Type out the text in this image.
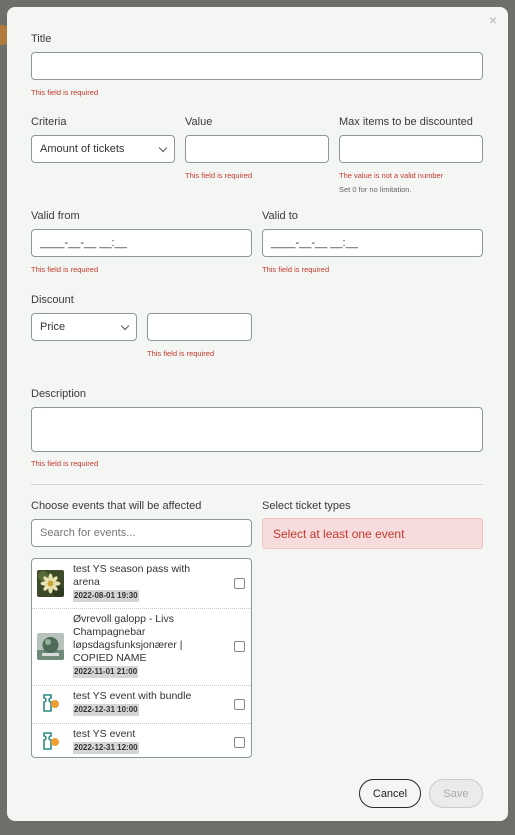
×
Title
This field is required
Criteria
Amount of tickets
Value
This field is required
Max items to be discounted
The value is not a valid number
Set 0 for no limitation.
Valid from
____-__-__ __:__
This field is required
Valid to
____-__-__ __:__
This field is required
Discount
Price
This field is required
Description
This field is required
Choose events that will be affected
Search for events...	Select ticket types
Select at least one event
test YS season pass with arena
2022-08-01 19:30
Øvrevoll galopp - Livs Champagnebar løpsdagsfunksjonærer | COPIED NAME
2022-11-01 21:00
test YS event with bundle
2022-12-31 10:00
test YS event
2022-12-31 12:00
Cancel	Save
